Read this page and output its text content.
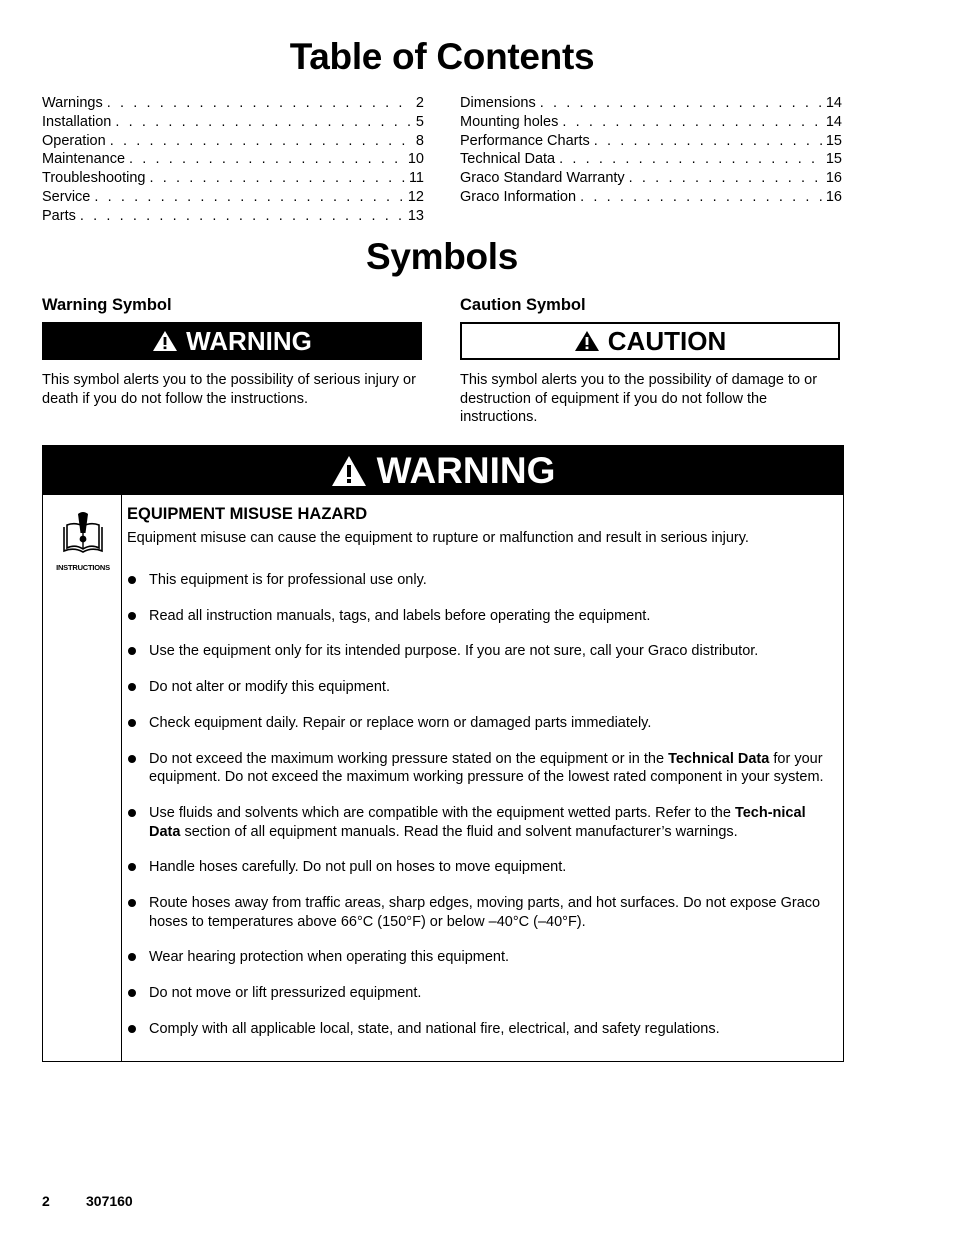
Table of Contents
Warnings . . .	2
Installation . . .	5
Operation . . .	8
Maintenance . . .	10
Troubleshooting . . .	11
Service . . .	12
Parts . . .	13
Dimensions . . .	14
Mounting holes . . .	14
Performance Charts . . .	15
Technical Data . . .	15
Graco Standard Warranty . . .	16
Graco Information . . .	16
Symbols
Warning Symbol
WARNING
This symbol alerts you to the possibility of serious injury or death if you do not follow the instructions.
Caution Symbol
CAUTION
This symbol alerts you to the possibility of damage to or destruction of equipment if you do not follow the instructions.
WARNING
INSTRUCTIONS
EQUIPMENT MISUSE HAZARD
Equipment misuse can cause the equipment to rupture or malfunction and result in serious injury.
This equipment is for professional use only.
Read all instruction manuals, tags, and labels before operating the equipment.
Use the equipment only for its intended purpose. If you are not sure, call your Graco distributor.
Do not alter or modify this equipment.
Check equipment daily. Repair or replace worn or damaged parts immediately.
Do not exceed the maximum working pressure stated on the equipment or in the Technical Data for your equipment. Do not exceed the maximum working pressure of the lowest rated component in your system.
Use fluids and solvents which are compatible with the equipment wetted parts. Refer to the Tech-nical Data section of all equipment manuals. Read the fluid and solvent manufacturer’s warnings.
Handle hoses carefully. Do not pull on hoses to move equipment.
Route hoses away from traffic areas, sharp edges, moving parts, and hot surfaces. Do not expose Graco hoses to temperatures above 66°C (150°F) or below –40°C (–40°F).
Wear hearing protection when operating this equipment.
Do not move or lift pressurized equipment.
Comply with all applicable local, state, and national fire, electrical, and safety regulations.
2	307160
